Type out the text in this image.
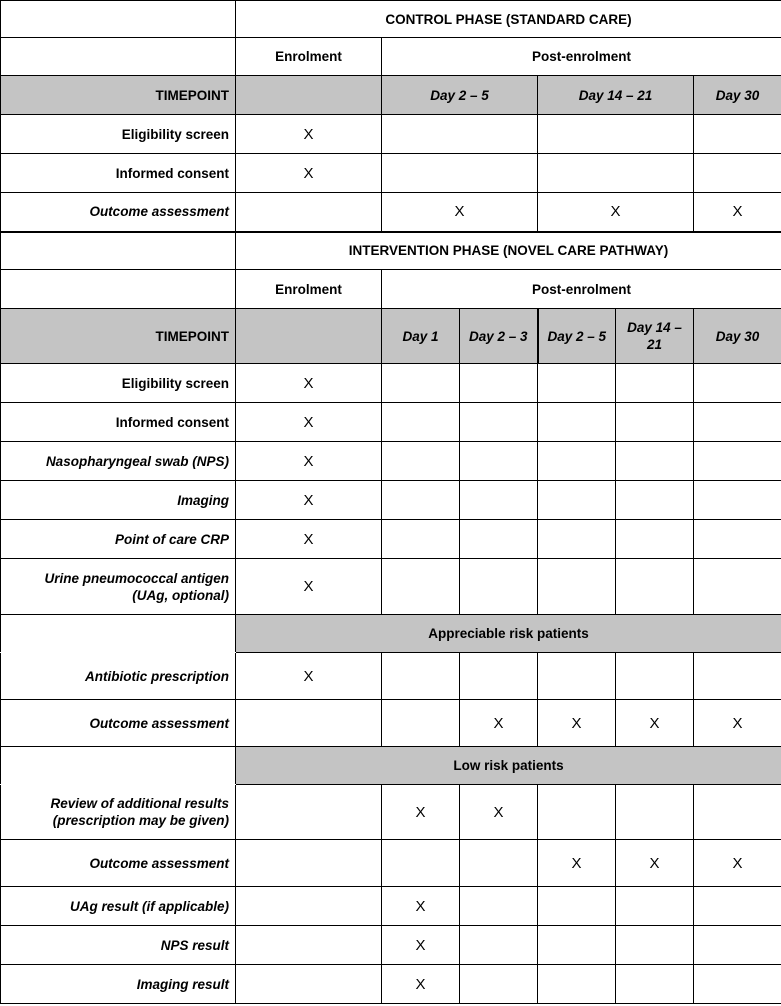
	CONTROL PHASE (STANDARD CARE)					
	Enrolment	Post-enrolment				
TIMEPOINT		Day 2 – 5		Day 14 – 21		Day 30
Eligibility screen	X					
Informed consent	X					
Outcome assessment		X		X		X
	INTERVENTION PHASE (NOVEL CARE PATHWAY)					
	Enrolment	Post-enrolment				
TIMEPOINT		Day 1	Day 2 – 3	Day 2 – 5	Day 14 – 21	Day 30
Eligibility screen	X					
Informed consent	X					
Nasopharyngeal swab (NPS)	X					
Imaging	X					
Point of care CRP	X					
Urine pneumococcal antigen
(UAg, optional)	X					
	Appreciable risk patients					
Antibiotic prescription	X					
Outcome assessment			X	X	X	X
	Low risk patients					
Review of additional results
(prescription may be given)		X	X			
Outcome assessment				X	X	X
UAg result (if applicable)		X				
NPS result		X				
Imaging result		X				
